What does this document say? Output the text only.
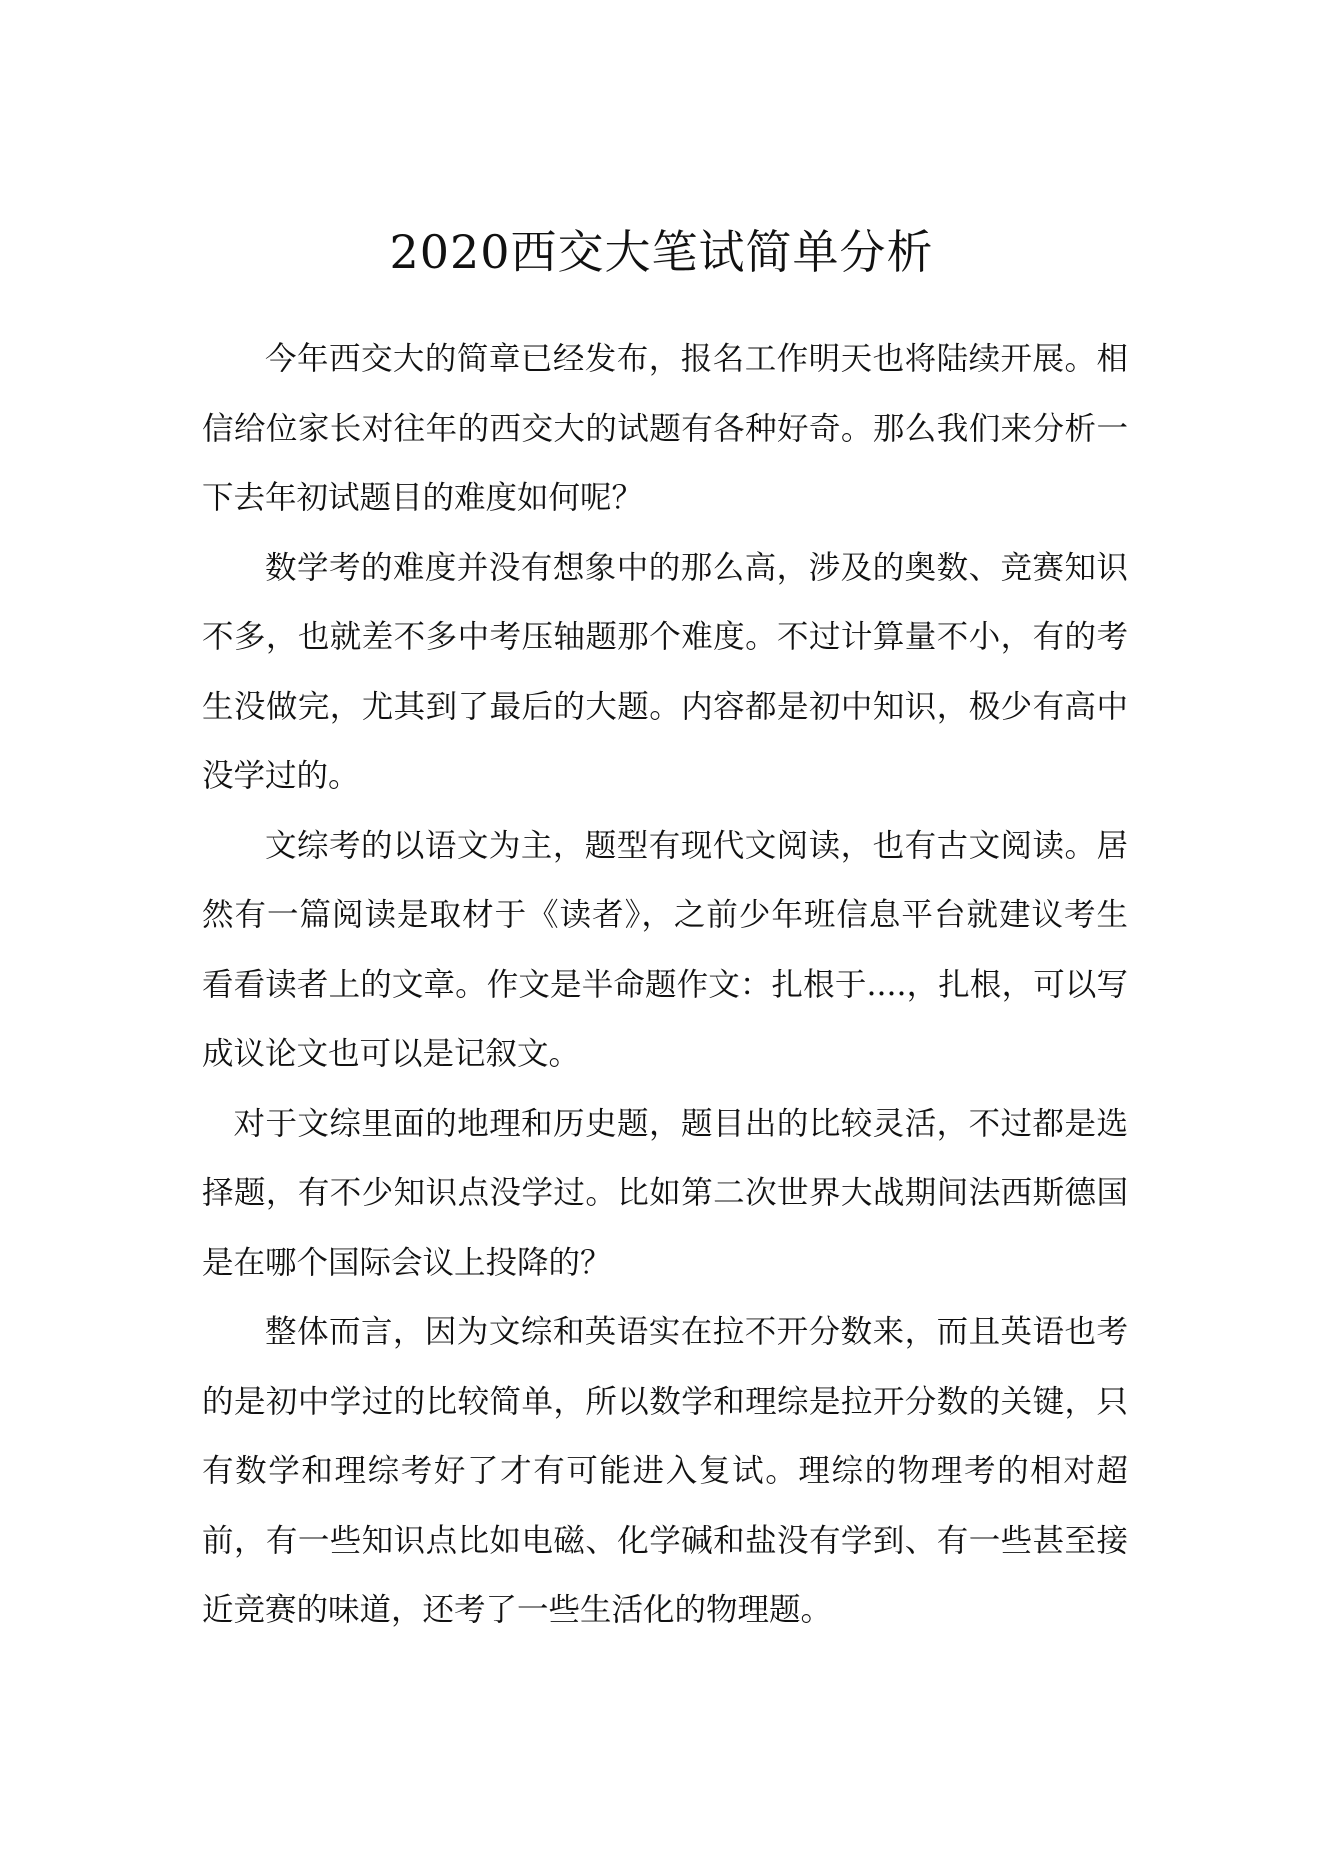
2020西交大笔试简单分析

今年西交大的简章已经发布，报名工作明天也将陆续开展。相信给位家长对往年的西交大的试题有各种好奇。那么我们来分析一下去年初试题目的难度如何呢？

数学考的难度并没有想象中的那么高，涉及的奥数、竞赛知识不多，也就差不多中考压轴题那个难度。不过计算量不小，有的考生没做完，尤其到了最后的大题。内容都是初中知识，极少有高中没学过的。

文综考的以语文为主，题型有现代文阅读，也有古文阅读。居然有一篇阅读是取材于《读者》，之前少年班信息平台就建议考生看看读者上的文章。作文是半命题作文：扎根于....，扎根，可以写成议论文也可以是记叙文。

对于文综里面的地理和历史题，题目出的比较灵活，不过都是选择题，有不少知识点没学过。比如第二次世界大战期间法西斯德国是在哪个国际会议上投降的？

整体而言，因为文综和英语实在拉不开分数来，而且英语也考的是初中学过的比较简单，所以数学和理综是拉开分数的关键，只有数学和理综考好了才有可能进入复试。理综的物理考的相对超前，有一些知识点比如电磁、化学碱和盐没有学到、有一些甚至接近竞赛的味道，还考了一些生活化的物理题。
